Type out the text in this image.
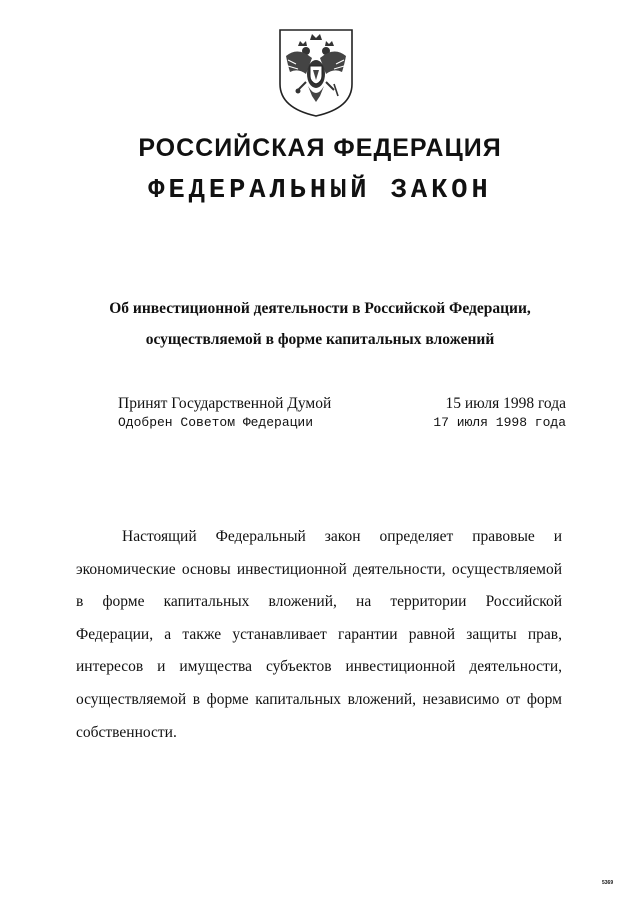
РОССИЙСКАЯ ФЕДЕРАЦИЯ
ФЕДЕРАЛЬНЫЙ ЗАКОН
Об инвестиционной деятельности в Российской Федерации,
осуществляемой в форме капитальных вложений
Принят Государственной Думой	15 июля 1998 года
Одобрен Советом Федерации	17 июля 1998 года
Настоящий Федеральный закон определяет правовые и
экономические основы инвестиционной деятельности, осуществляемой
в форме капитальных вложений, на территории Российской
Федерации, а также устанавливает гарантии равной защиты прав,
интересов и имущества субъектов инвестиционной деятельности,
осуществляемой в форме капитальных вложений, независимо от форм
собственности.
5369
